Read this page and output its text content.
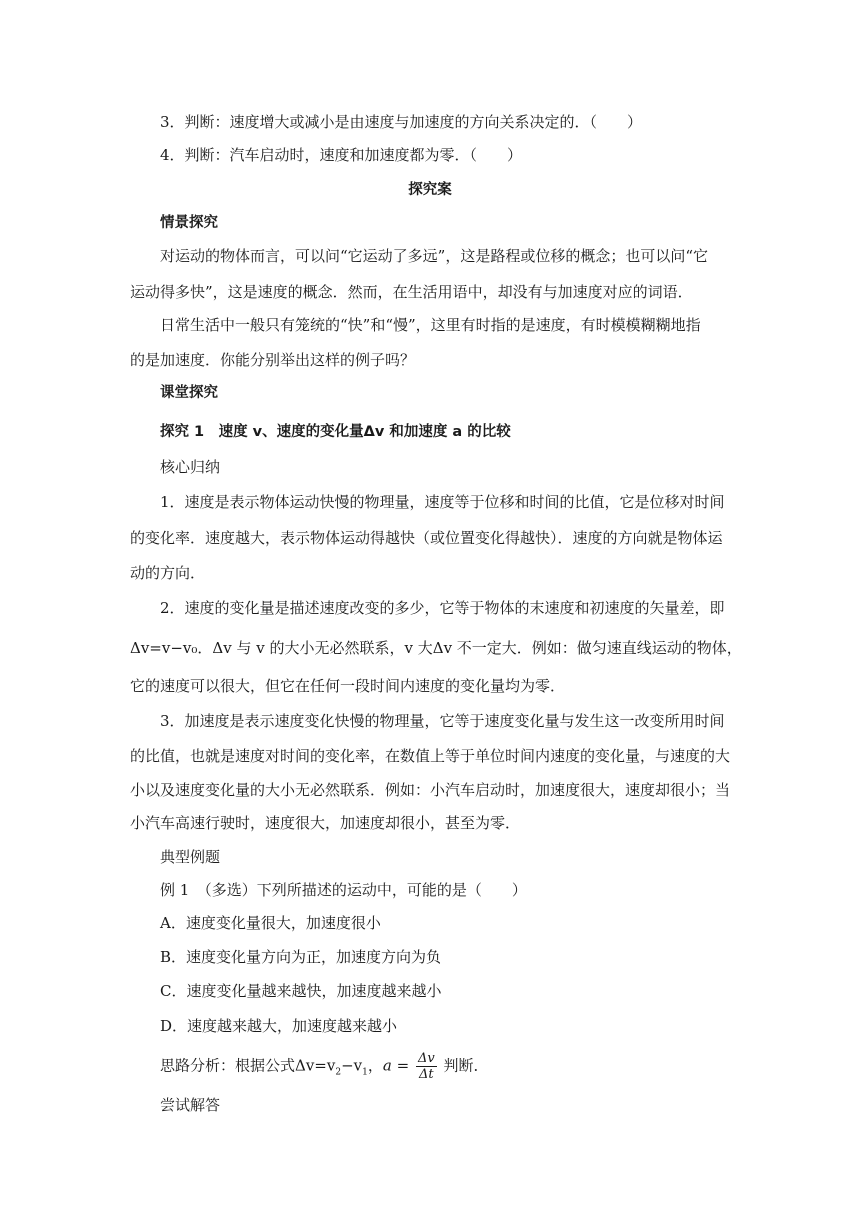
3．判断：速度增大或减小是由速度与加速度的方向关系决定的．（　　）
4．判断：汽车启动时，速度和加速度都为零．（　　）
探究案
情景探究
对运动的物体而言，可以问“它运动了多远”，这是路程或位移的概念；也可以问“它
运动得多快”，这是速度的概念．然而，在生活用语中，却没有与加速度对应的词语．
日常生活中一般只有笼统的“快”和“慢”，这里有时指的是速度，有时模模糊糊地指
的是加速度．你能分别举出这样的例子吗？
课堂探究
探究 1　速度 v、速度的变化量Δv 和加速度 a 的比较
核心归纳
1．速度是表示物体运动快慢的物理量，速度等于位移和时间的比值，它是位移对时间
的变化率．速度越大，表示物体运动得越快（或位置变化得越快）．速度的方向就是物体运
动的方向．
2．速度的变化量是描述速度改变的多少，它等于物体的末速度和初速度的矢量差，即
Δv=v−v₀．Δv 与 v 的大小无必然联系，v 大Δv 不一定大．例如：做匀速直线运动的物体，
它的速度可以很大，但它在任何一段时间内速度的变化量均为零．
3．加速度是表示速度变化快慢的物理量，它等于速度变化量与发生这一改变所用时间
的比值，也就是速度对时间的变化率，在数值上等于单位时间内速度的变化量，与速度的大
小以及速度变化量的大小无必然联系．例如：小汽车启动时，加速度很大，速度却很小；当
小汽车高速行驶时，速度很大，加速度却很小，甚至为零．
典型例题
例 1　（多选）下列所描述的运动中，可能的是（　　）
A．速度变化量很大，加速度很小
B．速度变化量方向为正，加速度方向为负
C．速度变化量越来越快，加速度越来越小
D．速度越来越大，加速度越来越小
思路分析：根据公式$\Delta v=v_2-v_1$，$a = \frac{\Delta v}{\Delta t}$ 判断．
尝试解答
